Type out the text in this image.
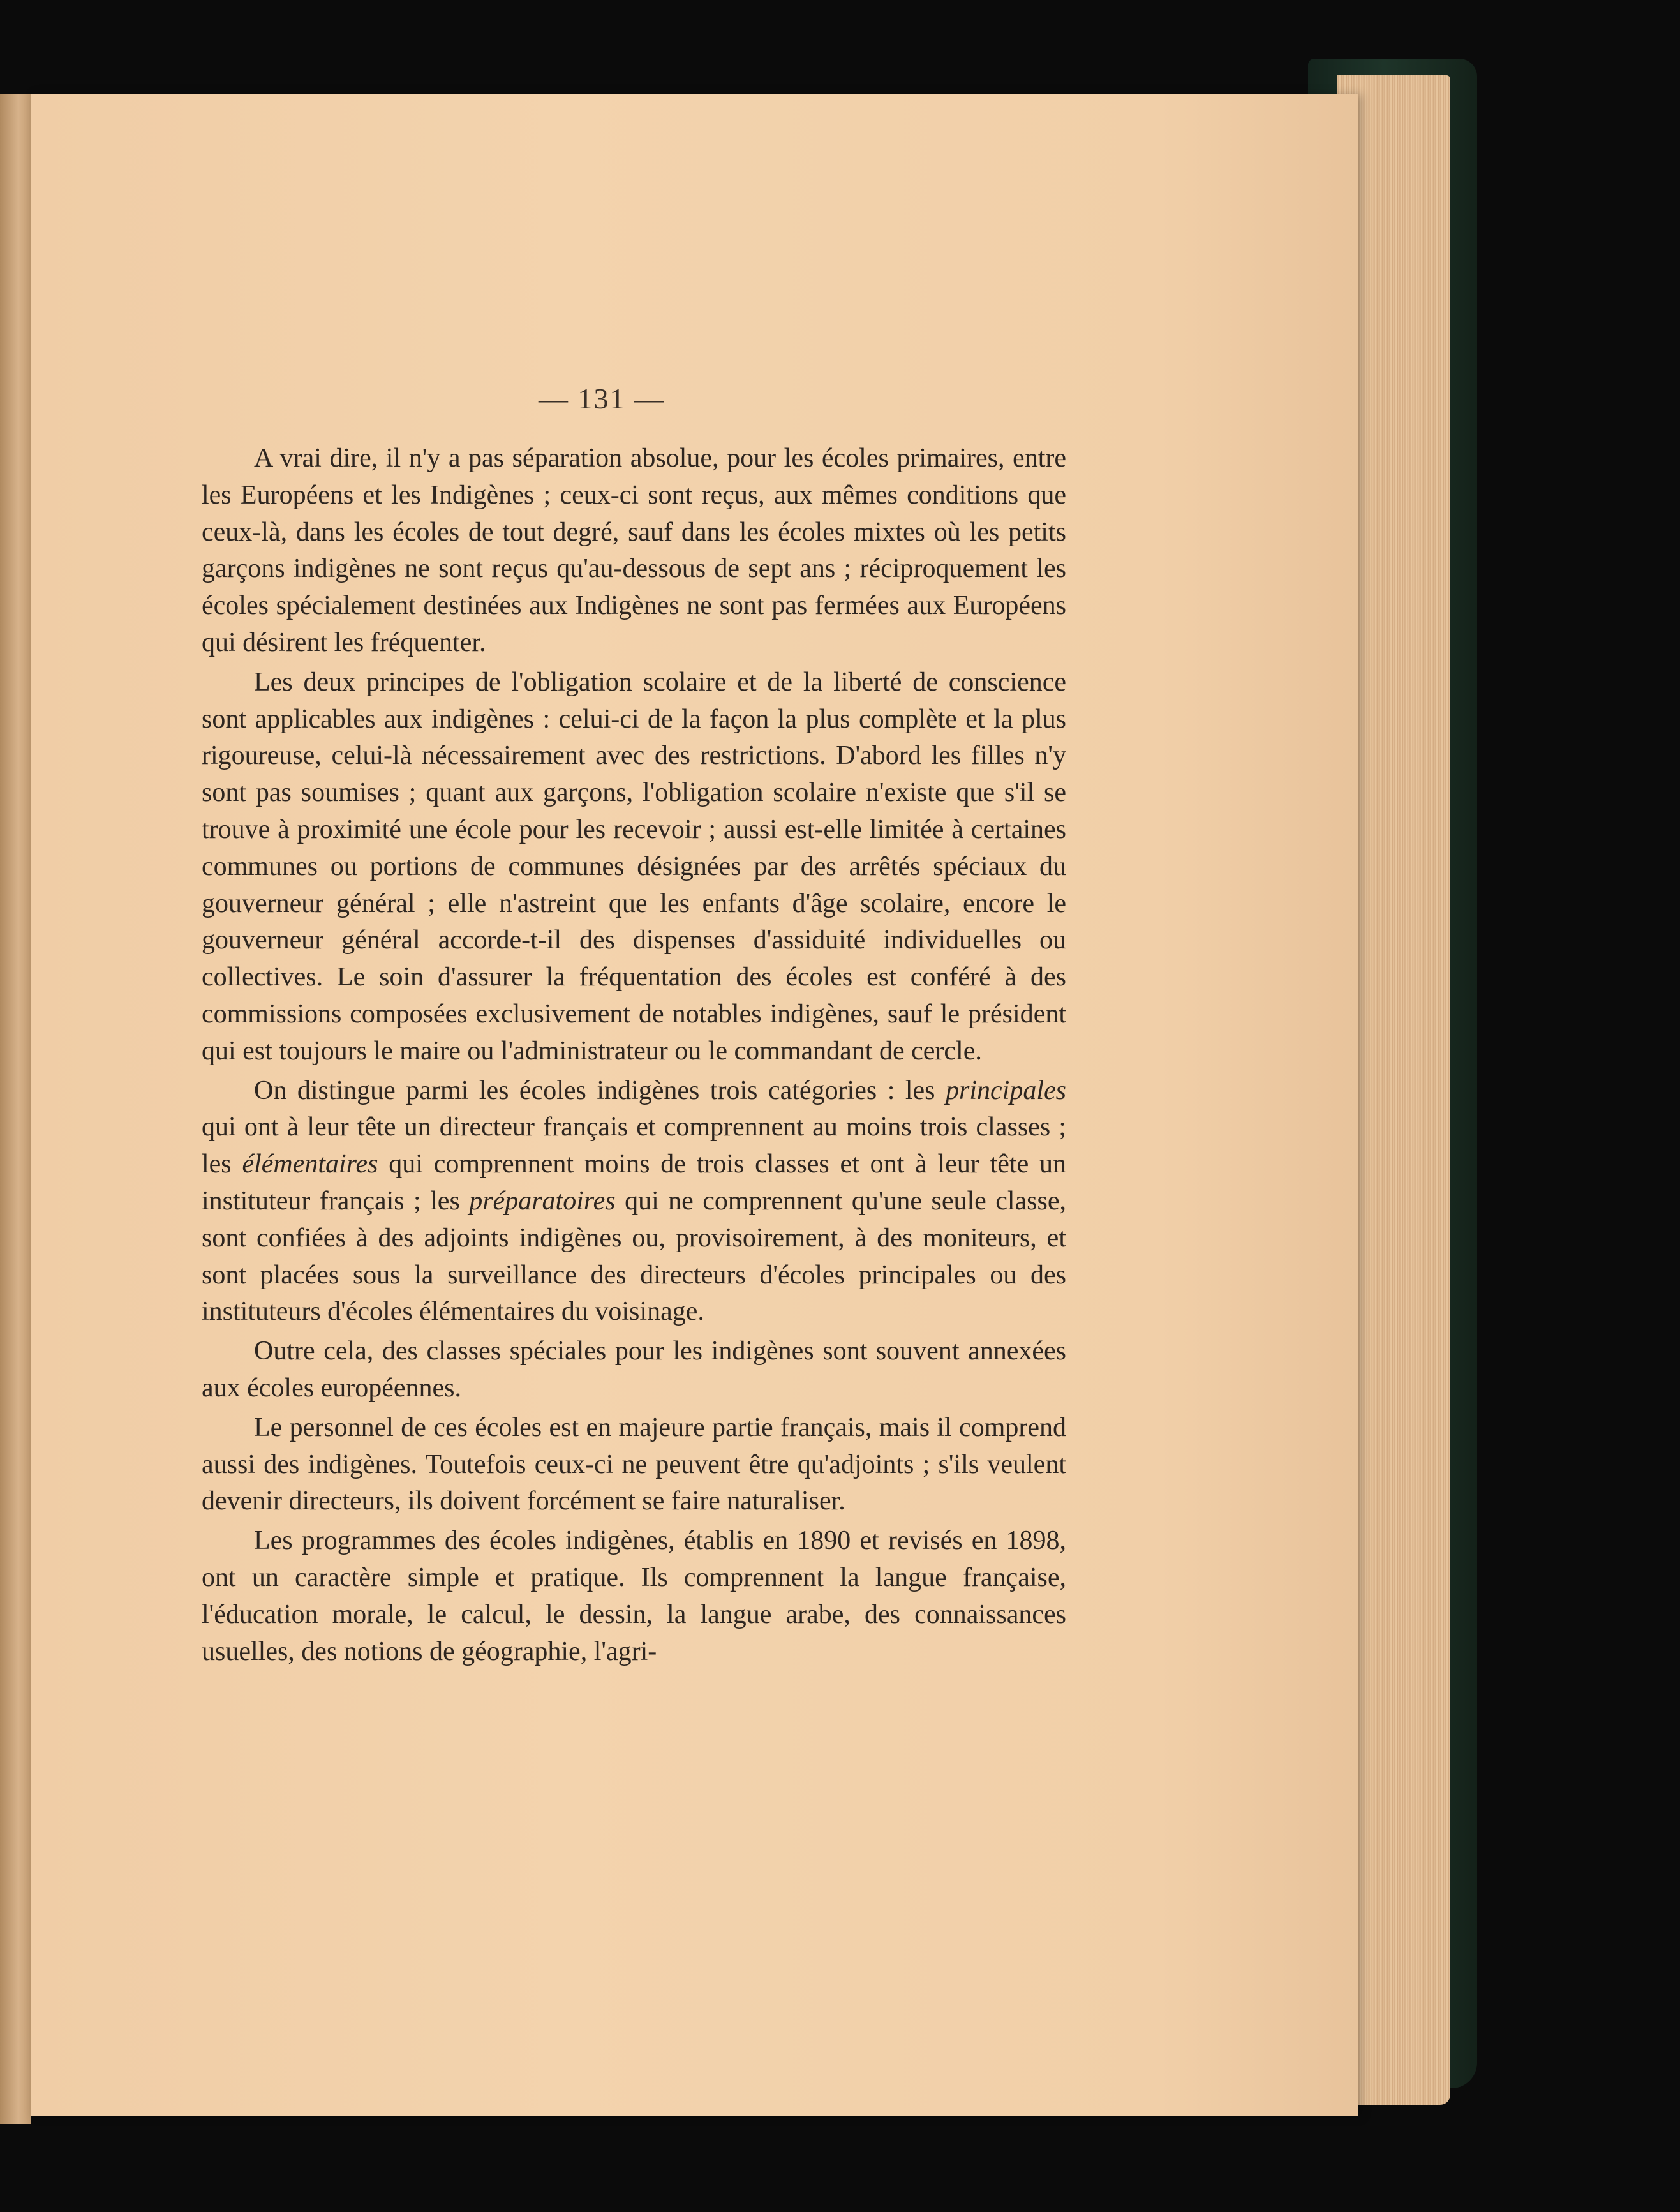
— 131 —

A vrai dire, il n'y a pas séparation absolue, pour les écoles primaires, entre les Européens et les Indigènes ; ceux-ci sont reçus, aux mêmes conditions que ceux-là, dans les écoles de tout degré, sauf dans les écoles mixtes où les petits garçons indigènes ne sont reçus qu'au-dessous de sept ans ; réciproquement les écoles spécialement destinées aux Indigènes ne sont pas fermées aux Européens qui désirent les fréquenter.

Les deux principes de l'obligation scolaire et de la liberté de conscience sont applicables aux indigènes : celui-ci de la façon la plus complète et la plus rigoureuse, celui-là nécessairement avec des restrictions. D'abord les filles n'y sont pas soumises ; quant aux garçons, l'obligation scolaire n'existe que s'il se trouve à proximité une école pour les recevoir ; aussi est-elle limitée à certaines communes ou portions de communes désignées par des arrêtés spéciaux du gouverneur général ; elle n'astreint que les enfants d'âge scolaire, encore le gouverneur général accorde-t-il des dispenses d'assiduité individuelles ou collectives. Le soin d'assurer la fréquentation des écoles est conféré à des commissions composées exclusivement de notables indigènes, sauf le président qui est toujours le maire ou l'administrateur ou le commandant de cercle.

On distingue parmi les écoles indigènes trois catégories : les principales qui ont à leur tête un directeur français et comprennent au moins trois classes ; les élémentaires qui comprennent moins de trois classes et ont à leur tête un instituteur français ; les préparatoires qui ne comprennent qu'une seule classe, sont confiées à des adjoints indigènes ou, provisoirement, à des moniteurs, et sont placées sous la surveillance des directeurs d'écoles principales ou des instituteurs d'écoles élémentaires du voisinage.

Outre cela, des classes spéciales pour les indigènes sont souvent annexées aux écoles européennes.

Le personnel de ces écoles est en majeure partie français, mais il comprend aussi des indigènes. Toutefois ceux-ci ne peuvent être qu'adjoints ; s'ils veulent devenir directeurs, ils doivent forcément se faire naturaliser.

Les programmes des écoles indigènes, établis en 1890 et revisés en 1898, ont un caractère simple et pratique. Ils comprennent la langue française, l'éducation morale, le calcul, le dessin, la langue arabe, des connaissances usuelles, des notions de géographie, l'agri-
